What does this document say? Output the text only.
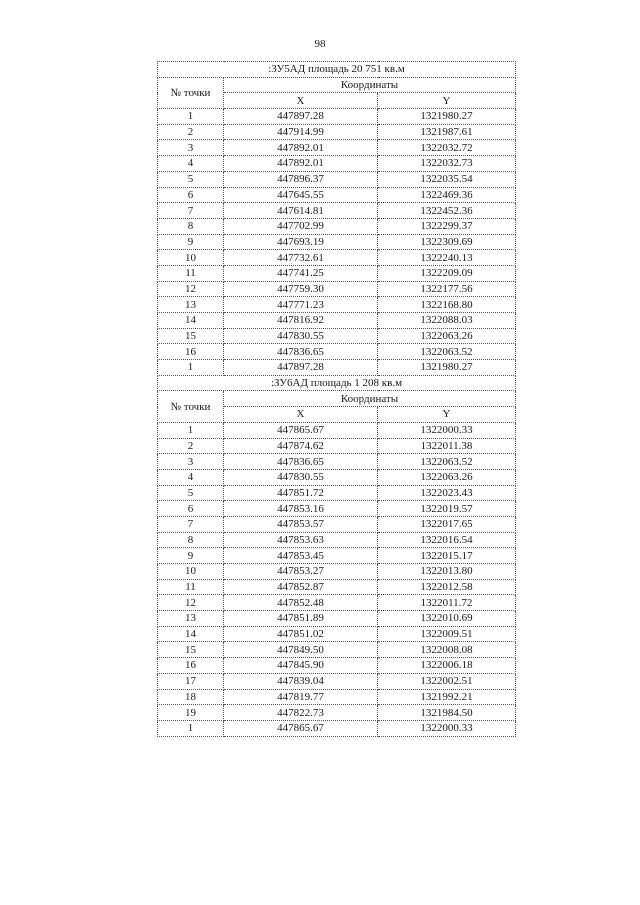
98
:ЗУ5АД площадь 20 751 кв.м		
№ точки	Координаты	
	X	Y
1	447897.28	1321980.27
2	447914.99	1321987.61
3	447892.01	1322032.72
4	447892.01	1322032.73
5	447896.37	1322035.54
6	447645.55	1322469.36
7	447614.81	1322452.36
8	447702.99	1322299.37
9	447693.19	1322309.69
10	447732.61	1322240.13
11	447741.25	1322209.09
12	447759.30	1322177.56
13	447771.23	1322168.80
14	447816.92	1322088.03
15	447830.55	1322063.26
16	447836.65	1322063.52
1	447897.28	1321980.27
:ЗУ6АД площадь 1 208 кв.м		
№ точки	Координаты	
	X	Y
1	447865.67	1322000.33
2	447874.62	1322011.38
3	447836.65	1322063.52
4	447830.55	1322063.26
5	447851.72	1322023.43
6	447853.16	1322019.57
7	447853.57	1322017.65
8	447853.63	1322016.54
9	447853.45	1322015.17
10	447853.27	1322013.80
11	447852.87	1322012.58
12	447852.48	1322011.72
13	447851.89	1322010.69
14	447851.02	1322009.51
15	447849.50	1322008.08
16	447845.90	1322006.18
17	447839.04	1322002.51
18	447819.77	1321992.21
19	447822.73	1321984.50
1	447865.67	1322000.33
